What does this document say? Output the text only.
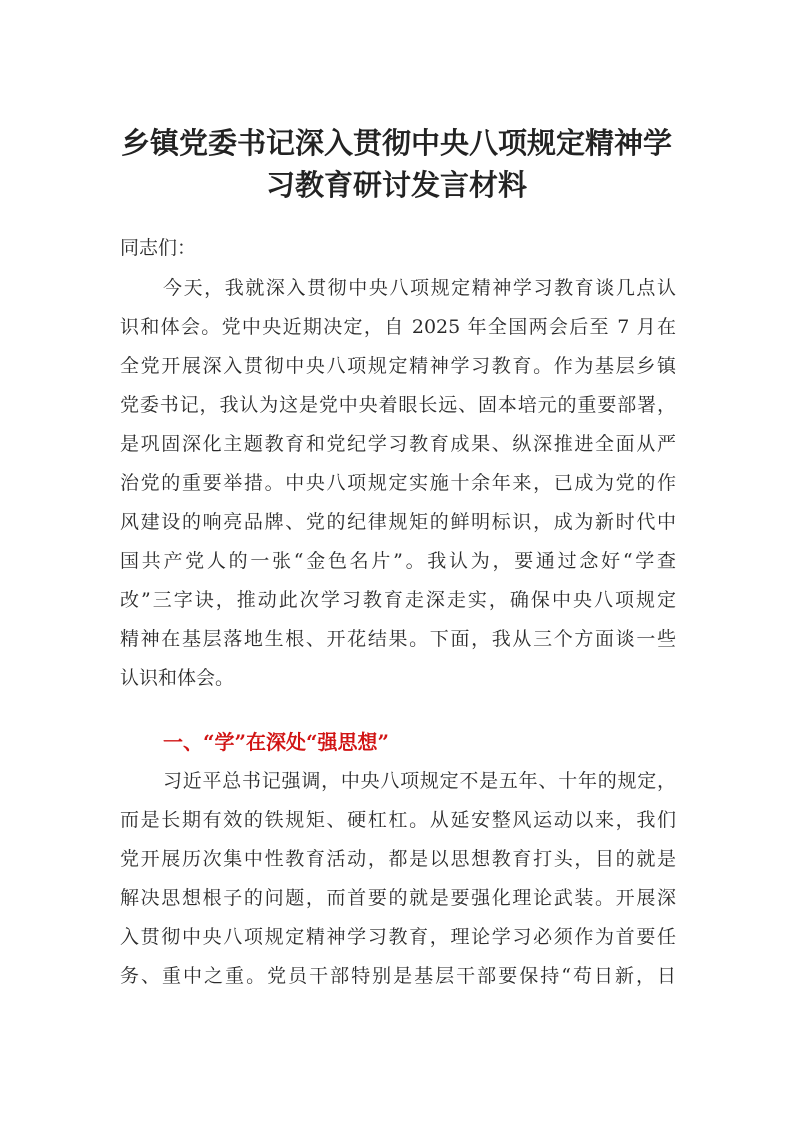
乡镇党委书记深入贯彻中央八项规定精神学
习教育研讨发言材料

同志们：

今天，我就深入贯彻中央八项规定精神学习教育谈几点认

识和体会。党中央近期决定，自 2025 年全国两会后至 7 月在

全党开展深入贯彻中央八项规定精神学习教育。作为基层乡镇

党委书记，我认为这是党中央着眼长远、固本培元的重要部署，

是巩固深化主题教育和党纪学习教育成果、纵深推进全面从严

治党的重要举措。中央八项规定实施十余年来，已成为党的作

风建设的响亮品牌、党的纪律规矩的鲜明标识，成为新时代中

国共产党人的一张“金色名片”。我认为，要通过念好“学查

改”三字诀，推动此次学习教育走深走实，确保中央八项规定

精神在基层落地生根、开花结果。下面，我从三个方面谈一些

认识和体会。

一、“学”在深处“强思想”

习近平总书记强调，中央八项规定不是五年、十年的规定，

而是长期有效的铁规矩、硬杠杠。从延安整风运动以来，我们

党开展历次集中性教育活动，都是以思想教育打头，目的就是

解决思想根子的问题，而首要的就是要强化理论武装。开展深

入贯彻中央八项规定精神学习教育，理论学习必须作为首要任

务、重中之重。党员干部特别是基层干部要保持“苟日新，日
